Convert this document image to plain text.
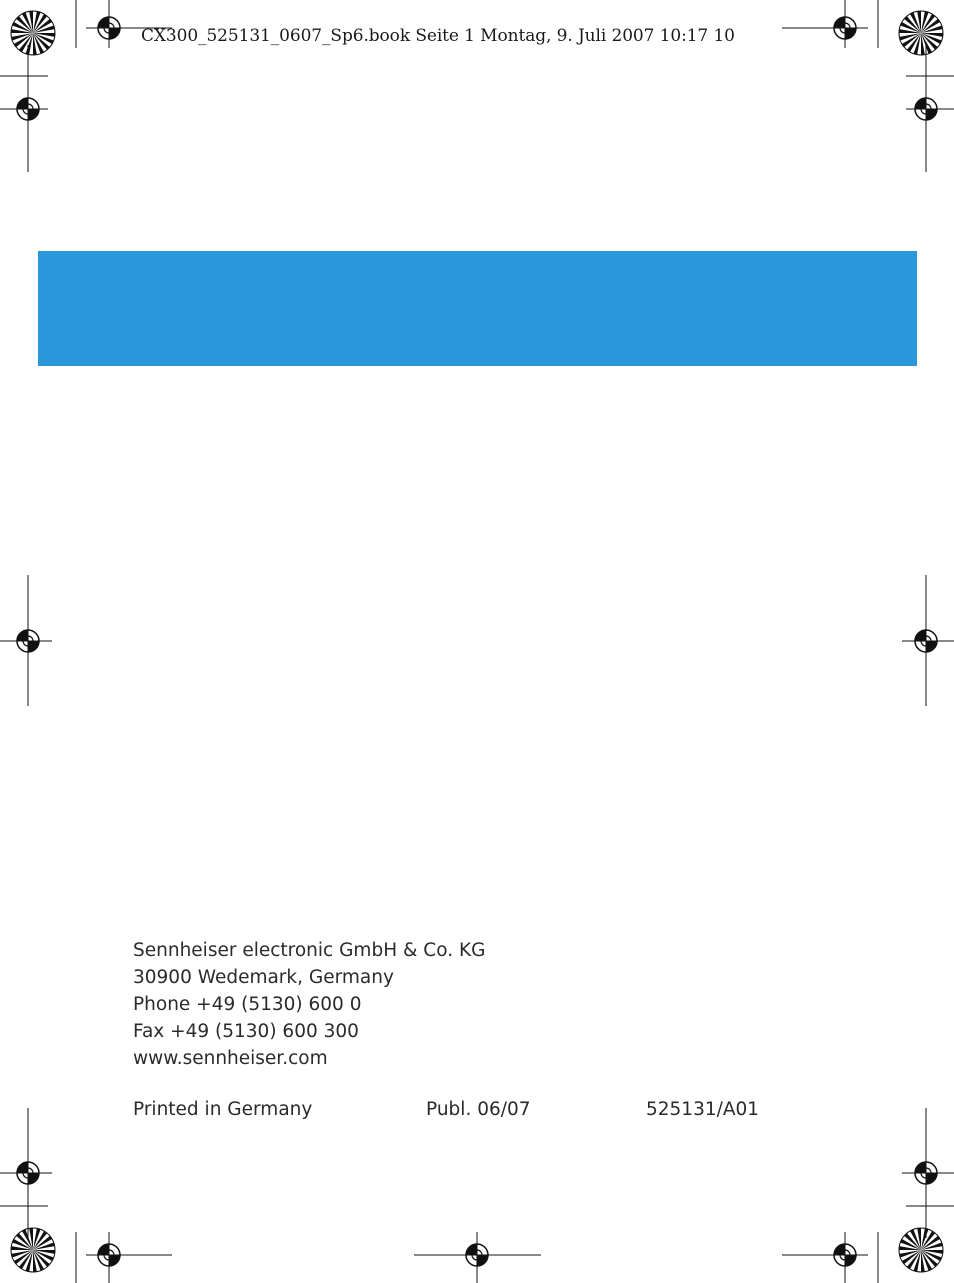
CX300_525131_0607_Sp6.book Seite 1 Montag, 9. Juli 2007 10:17 10
Sennheiser electronic GmbH & Co. KG
30900 Wedemark, Germany
Phone +49 (5130) 600 0
Fax +49 (5130) 600 300
www.sennheiser.com
Printed in Germany	Publ. 06/07	525131/A01
